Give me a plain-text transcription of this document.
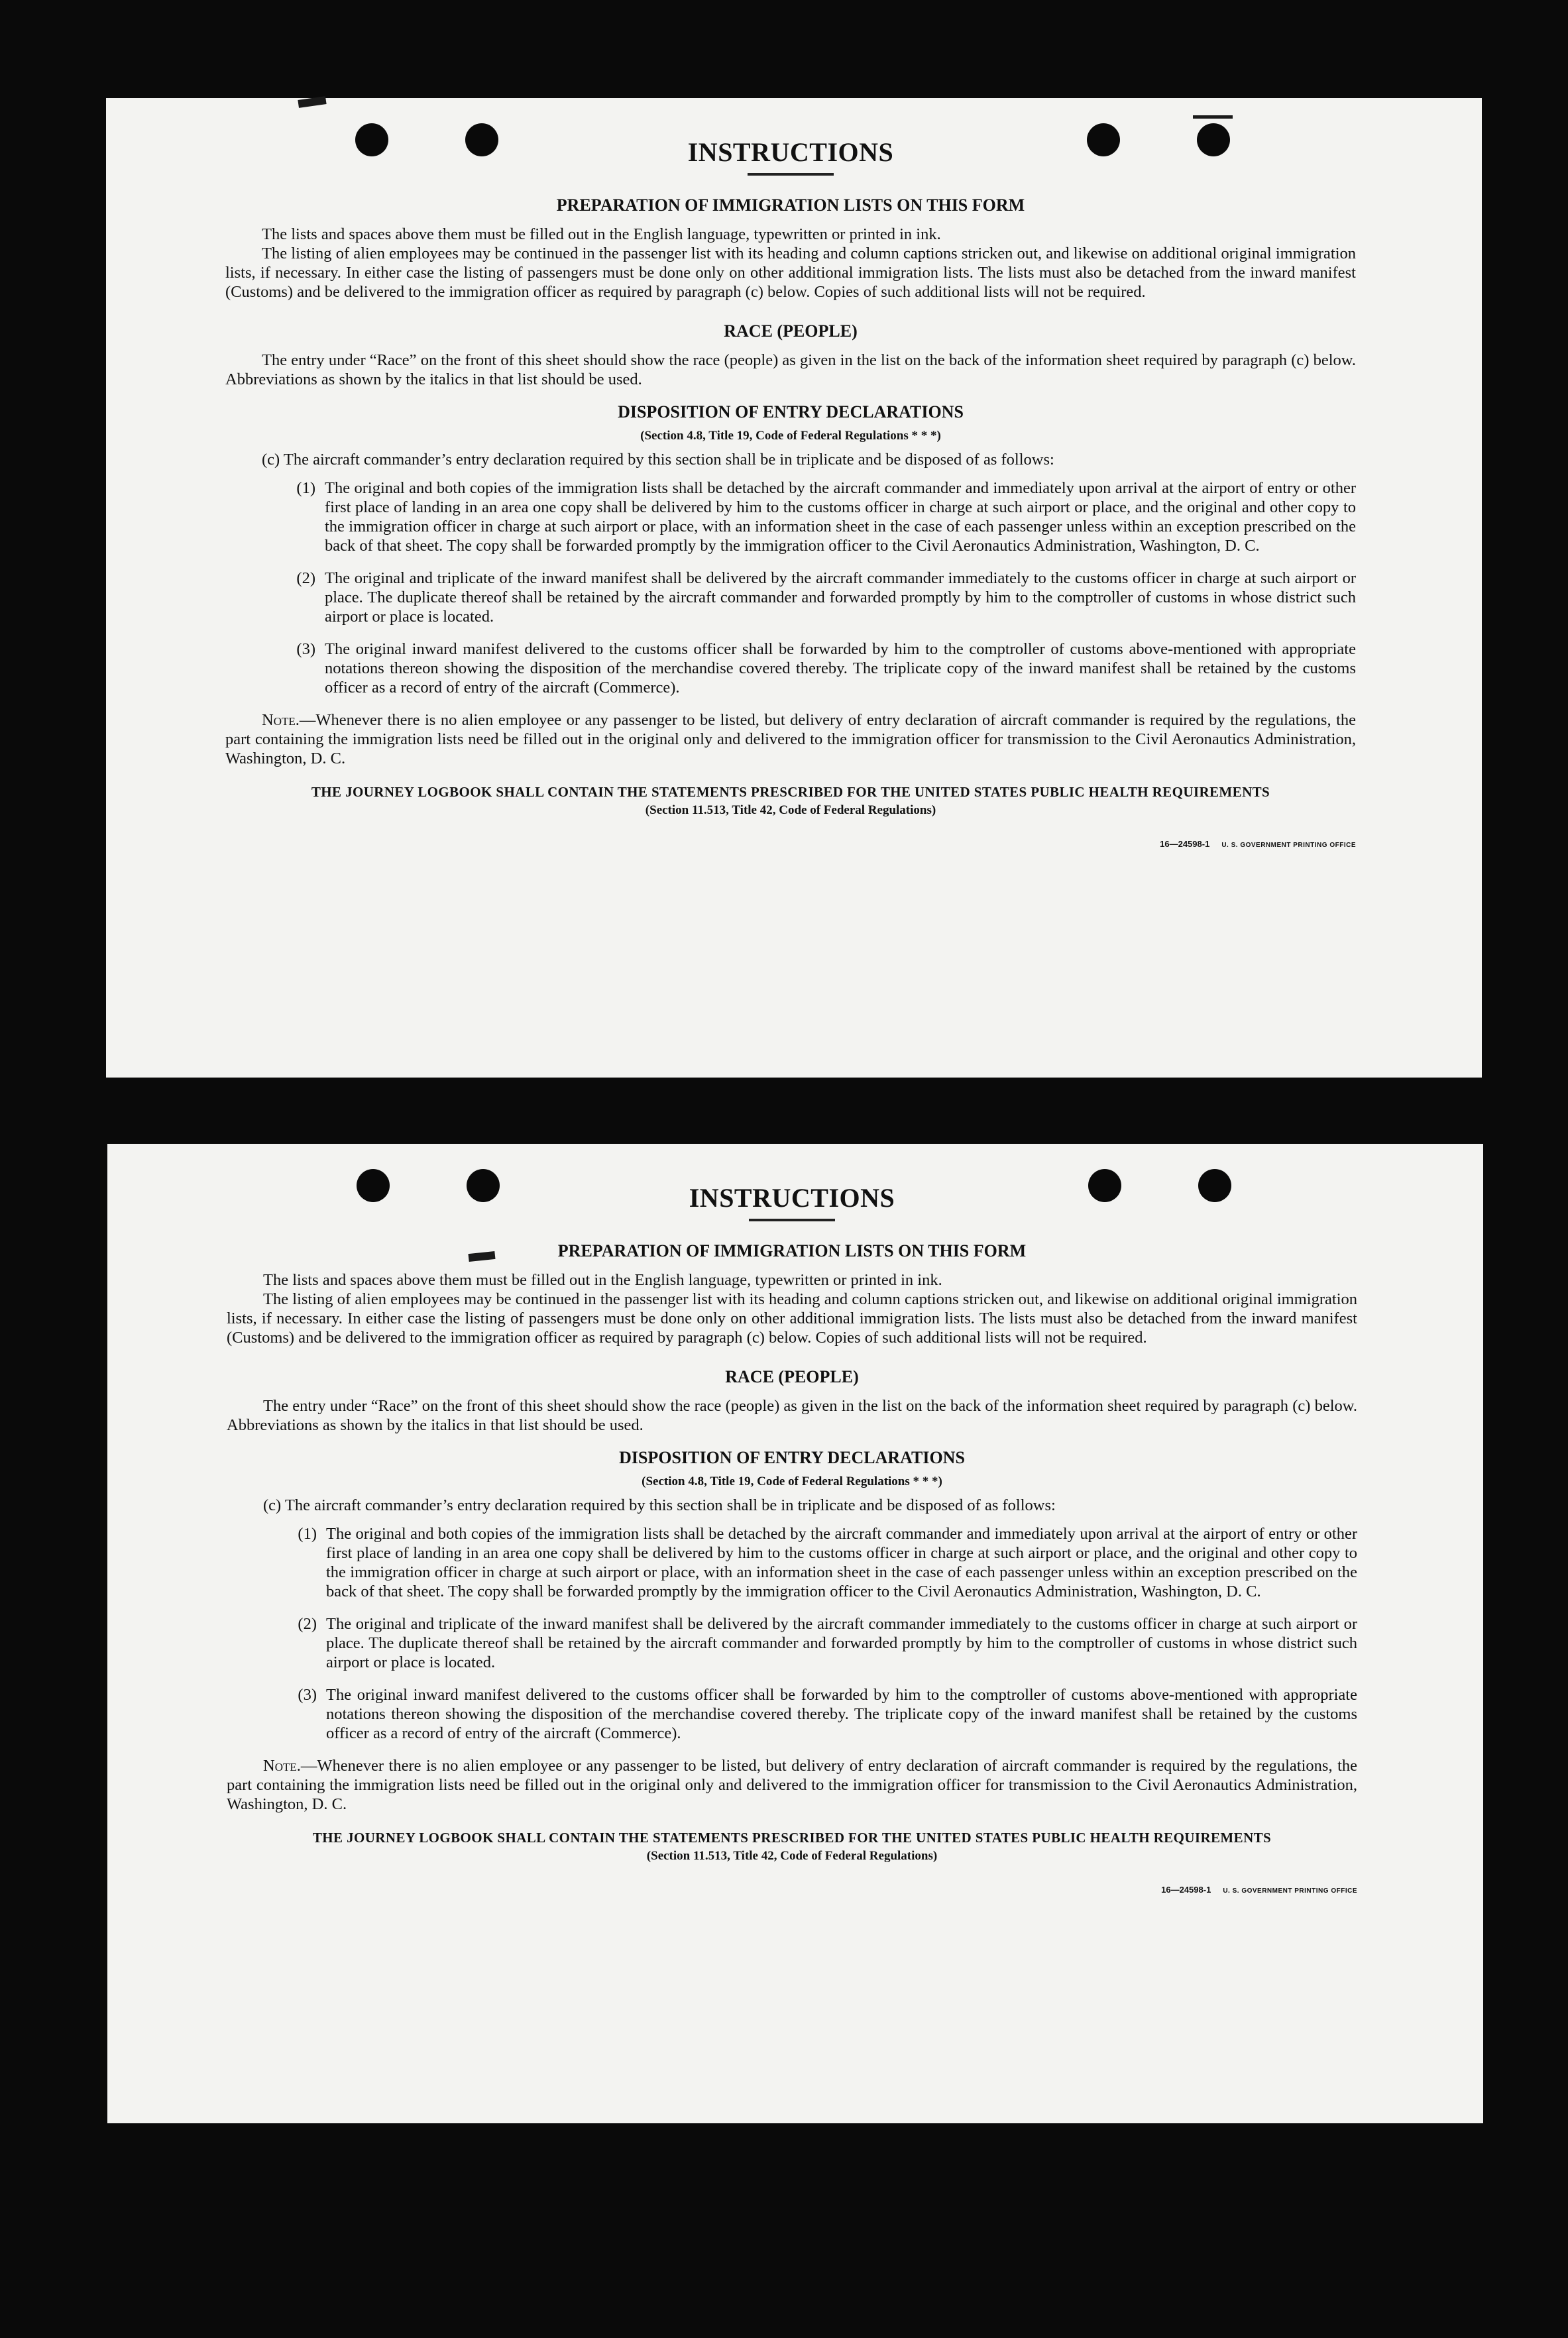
INSTRUCTIONS
PREPARATION OF IMMIGRATION LISTS ON THIS FORM

The lists and spaces above them must be filled out in the English language, typewritten or printed in ink.

The listing of alien employees may be continued in the passenger list with its heading and column captions stricken out, and likewise on additional original immigration lists, if necessary. In either case the listing of passengers must be done only on other additional immigration lists. The lists must also be detached from the inward manifest (Customs) and be delivered to the immigration officer as required by paragraph (c) below. Copies of such additional lists will not be required.

RACE (PEOPLE)

The entry under “Race” on the front of this sheet should show the race (people) as given in the list on the back of the information sheet required by paragraph (c) below. Abbreviations as shown by the italics in that list should be used.

DISPOSITION OF ENTRY DECLARATIONS
(Section 4.8, Title 19, Code of Federal Regulations * * *)

(c) The aircraft commander’s entry declaration required by this section shall be in triplicate and be disposed of as follows:

(1) The original and both copies of the immigration lists shall be detached by the aircraft commander and immediately upon arrival at the airport of entry or other first place of landing in an area one copy shall be delivered by him to the customs officer in charge at such airport or place, and the original and other copy to the immigration officer in charge at such airport or place, with an information sheet in the case of each passenger unless within an exception prescribed on the back of that sheet. The copy shall be forwarded promptly by the immigration officer to the Civil Aeronautics Administration, Washington, D. C.
(2) The original and triplicate of the inward manifest shall be delivered by the aircraft commander immediately to the customs officer in charge at such airport or place. The duplicate thereof shall be retained by the aircraft commander and forwarded promptly by him to the comptroller of customs in whose district such airport or place is located.
(3) The original inward manifest delivered to the customs officer shall be forwarded by him to the comptroller of customs above-mentioned with appropriate notations thereon showing the disposition of the merchandise covered thereby. The triplicate copy of the inward manifest shall be retained by the customs officer as a record of entry of the aircraft (Commerce).

Note.—Whenever there is no alien employee or any passenger to be listed, but delivery of entry declaration of aircraft commander is required by the regulations, the part containing the immigration lists need be filled out in the original only and delivered to the immigration officer for transmission to the Civil Aeronautics Administration, Washington, D. C.

THE JOURNEY LOGBOOK SHALL CONTAIN THE STATEMENTS PRESCRIBED FOR THE UNITED STATES PUBLIC HEALTH REQUIREMENTS
(Section 11.513, Title 42, Code of Federal Regulations)
16—24598-1 U. S. GOVERNMENT PRINTING OFFICE
INSTRUCTIONS
PREPARATION OF IMMIGRATION LISTS ON THIS FORM

The lists and spaces above them must be filled out in the English language, typewritten or printed in ink.

The listing of alien employees may be continued in the passenger list with its heading and column captions stricken out, and likewise on additional original immigration lists, if necessary. In either case the listing of passengers must be done only on other additional immigration lists. The lists must also be detached from the inward manifest (Customs) and be delivered to the immigration officer as required by paragraph (c) below. Copies of such additional lists will not be required.

RACE (PEOPLE)

The entry under “Race” on the front of this sheet should show the race (people) as given in the list on the back of the information sheet required by paragraph (c) below. Abbreviations as shown by the italics in that list should be used.

DISPOSITION OF ENTRY DECLARATIONS
(Section 4.8, Title 19, Code of Federal Regulations * * *)

(c) The aircraft commander’s entry declaration required by this section shall be in triplicate and be disposed of as follows:

(1) The original and both copies of the immigration lists shall be detached by the aircraft commander and immediately upon arrival at the airport of entry or other first place of landing in an area one copy shall be delivered by him to the customs officer in charge at such airport or place, and the original and other copy to the immigration officer in charge at such airport or place, with an information sheet in the case of each passenger unless within an exception prescribed on the back of that sheet. The copy shall be forwarded promptly by the immigration officer to the Civil Aeronautics Administration, Washington, D. C.
(2) The original and triplicate of the inward manifest shall be delivered by the aircraft commander immediately to the customs officer in charge at such airport or place. The duplicate thereof shall be retained by the aircraft commander and forwarded promptly by him to the comptroller of customs in whose district such airport or place is located.
(3) The original inward manifest delivered to the customs officer shall be forwarded by him to the comptroller of customs above-mentioned with appropriate notations thereon showing the disposition of the merchandise covered thereby. The triplicate copy of the inward manifest shall be retained by the customs officer as a record of entry of the aircraft (Commerce).

Note.—Whenever there is no alien employee or any passenger to be listed, but delivery of entry declaration of aircraft commander is required by the regulations, the part containing the immigration lists need be filled out in the original only and delivered to the immigration officer for transmission to the Civil Aeronautics Administration, Washington, D. C.

THE JOURNEY LOGBOOK SHALL CONTAIN THE STATEMENTS PRESCRIBED FOR THE UNITED STATES PUBLIC HEALTH REQUIREMENTS
(Section 11.513, Title 42, Code of Federal Regulations)
16—24598-1 U. S. GOVERNMENT PRINTING OFFICE
